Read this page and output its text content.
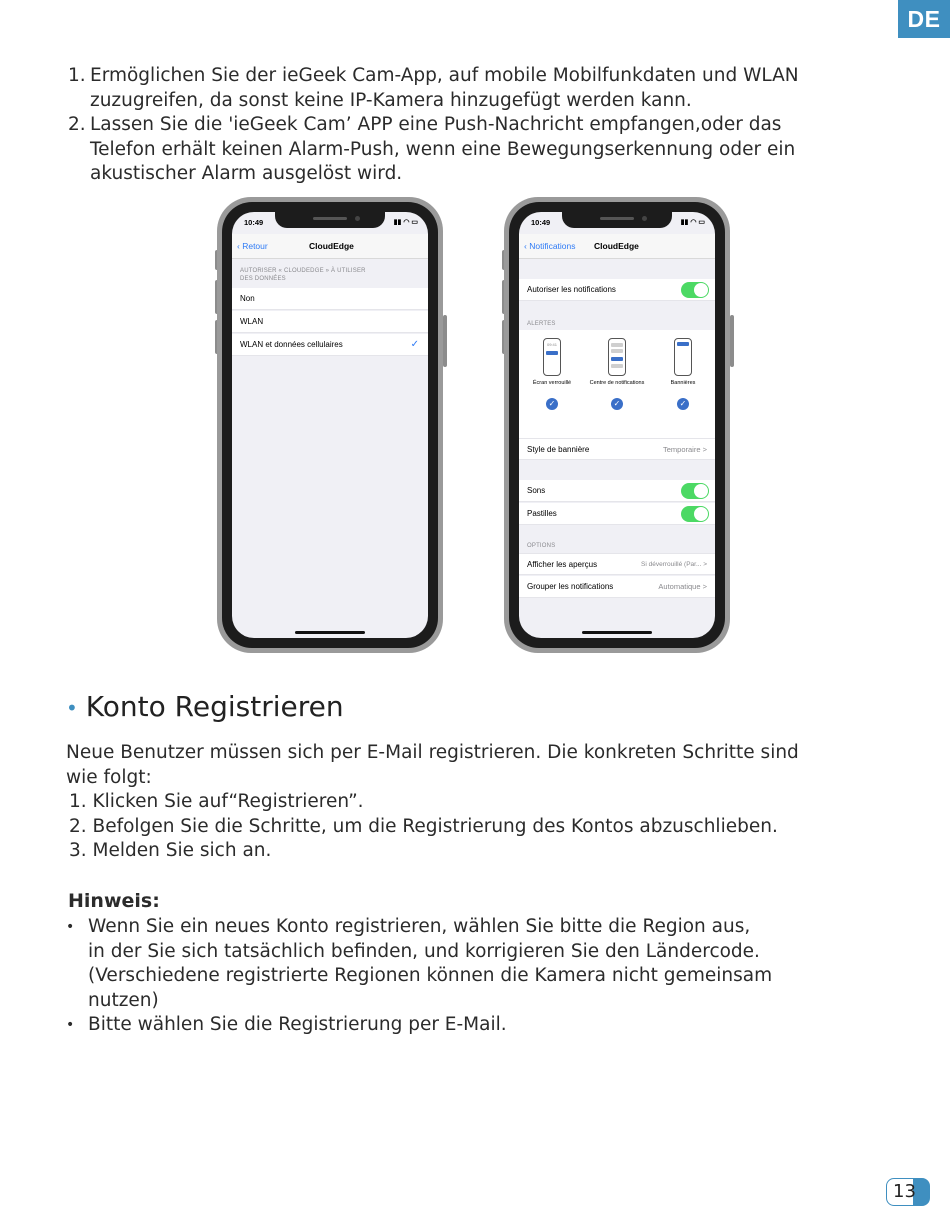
DE
1. Ermöglichen Sie der ieGeek Cam-App, auf mobile Mobilfunkdaten und WLAN
zuzugreifen, da sonst keine IP-Kamera hinzugefügt werden kann.
2. Lassen Sie die 'ieGeek Cam’ APP eine Push-Nachricht empfangen,oder das
Telefon erhält keinen Alarm-Push, wenn eine Bewegungserkennung oder ein
akustischer Alarm ausgelöst wird.
10:49	▮▮ ◠ ▭
‹ Retour	CloudEdge
AUTORISER « CLOUDEDGE » À UTILISER
DES DONNÉES
Non
WLAN
WLAN et données cellulaires	✓
10:49	▮▮ ◠ ▭
‹ Notifications CloudEdge
Autoriser les notifications
ALERTES
09:41
Écran verrouillé
✓
Centre de notifications
✓
Bannières
✓
Style de bannière	Temporaire >
Sons
Pastilles
OPTIONS
Afficher les aperçus	Si déverrouillé (Par... >
Grouper les notifications	Automatique >
• Konto Registrieren
Neue Benutzer müssen sich per E-Mail registrieren. Die konkreten Schritte sind
wie folgt:
1. Klicken Sie auf“Registrieren”.
2. Befolgen Sie die Schritte, um die Registrierung des Kontos abzuschlieben.
3. Melden Sie sich an.
Hinweis:
• Wenn Sie ein neues Konto registrieren, wählen Sie bitte die Region aus,
in der Sie sich tatsächlich befinden, und korrigieren Sie den Ländercode.
(Verschiedene registrierte Regionen können die Kamera nicht gemeinsam
nutzen)
• Bitte wählen Sie die Registrierung per E-Mail.
13
